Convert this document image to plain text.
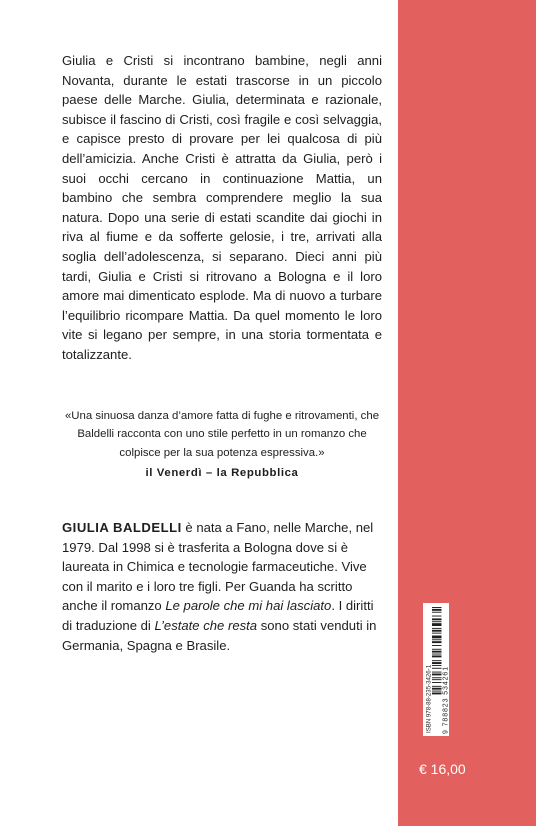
Giulia e Cristi si incontrano bambine, negli anni Novanta, durante le estati trascorse in un piccolo paese delle Marche. Giulia, determinata e razionale, subisce il fascino di Cristi, così fragile e così selvaggia, e capisce presto di provare per lei qualcosa di più dell’amicizia. Anche Cristi è attratta da Giulia, però i suoi occhi cercano in continuazione Mattia, un bambino che sembra comprendere meglio la sua natura. Dopo una serie di estati scandite dai giochi in riva al fiume e da sofferte gelosie, i tre, arrivati alla soglia dell’adolescenza, si separano. Dieci anni più tardi, Giulia e Cristi si ritrovano a Bologna e il loro amore mai dimenticato esplode. Ma di nuovo a turbare l’equilibrio ricompare Mattia. Da quel momento le loro vite si legano per sempre, in una storia tormentata e totalizzante.

«Una sinuosa danza d’amore fatta di fughe e ritrovamenti, che Baldelli racconta con uno stile perfetto in un romanzo che colpisce per la sua potenza espressiva.»

il Venerdì – la Repubblica

GIULIA BALDELLI è nata a Fano, nelle Marche, nel 1979. Dal 1998 si è trasferita a Bologna dove si è laureata in Chimica e tecnologie farmaceutiche. Vive con il marito e i loro tre figli. Per Guanda ha scritto anche il romanzo Le parole che mi hai lasciato. I diritti di traduzione di L’estate che resta sono stati venduti in Germania, Spagna e Brasile.

ISBN 978-88-235-3426-1 9 788823 534261

€ 16,00
